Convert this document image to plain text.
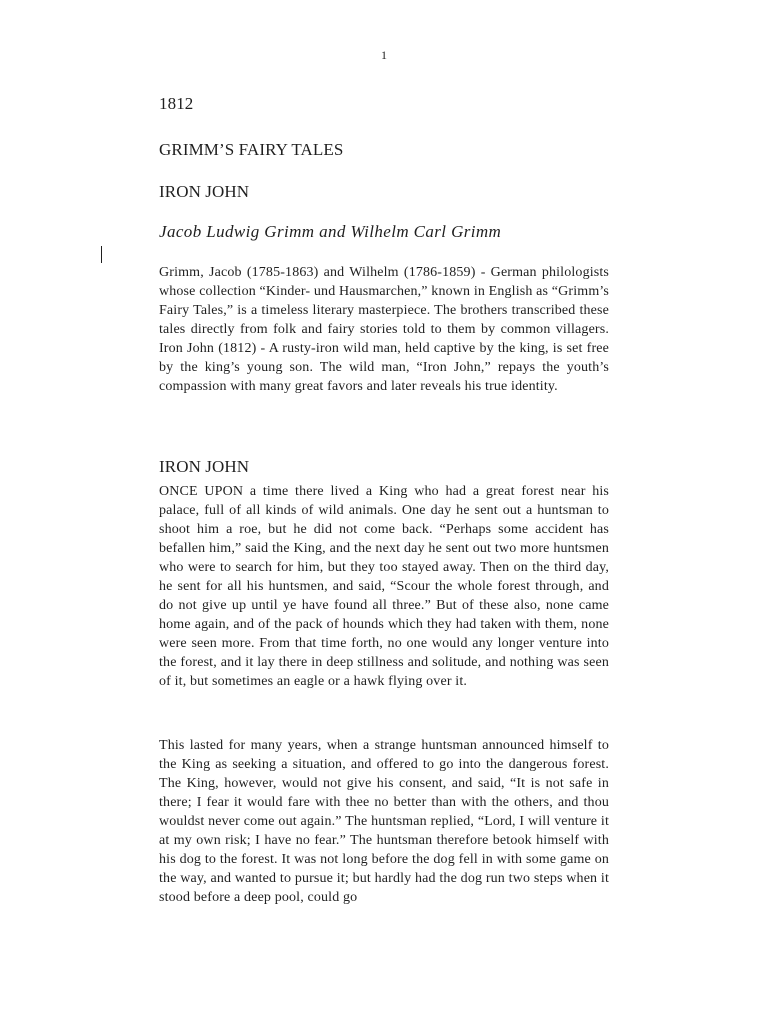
1
1812
GRIMM’S FAIRY TALES
IRON JOHN
Jacob Ludwig Grimm and Wilhelm Carl Grimm

Grimm, Jacob (1785-1863) and Wilhelm (1786-1859) - German philologists whose collection “Kinder- und Hausmarchen,” known in English as “Grimm’s Fairy Tales,” is a timeless literary masterpiece. The brothers transcribed these tales directly from folk and fairy stories told to them by common villagers. Iron John (1812) - A rusty-iron wild man, held captive by the king, is set free by the king’s young son. The wild man, “Iron John,” repays the youth’s compassion with many great favors and later reveals his true identity.

IRON JOHN

ONCE UPON a time there lived a King who had a great forest near his palace, full of all kinds of wild animals. One day he sent out a huntsman to shoot him a roe, but he did not come back. “Perhaps some accident has befallen him,” said the King, and the next day he sent out two more huntsmen who were to search for him, but they too stayed away. Then on the third day, he sent for all his huntsmen, and said, “Scour the whole forest through, and do not give up until ye have found all three.” But of these also, none came home again, and of the pack of hounds which they had taken with them, none were seen more. From that time forth, no one would any longer venture into the forest, and it lay there in deep stillness and solitude, and nothing was seen of it, but sometimes an eagle or a hawk flying over it.

This lasted for many years, when a strange huntsman announced himself to the King as seeking a situation, and offered to go into the dangerous forest. The King, however, would not give his consent, and said, “It is not safe in there; I fear it would fare with thee no better than with the others, and thou wouldst never come out again.” The huntsman replied, “Lord, I will venture it at my own risk; I have no fear.” The huntsman therefore betook himself with his dog to the forest. It was not long before the dog fell in with some game on the way, and wanted to pursue it; but hardly had the dog run two steps when it stood before a deep pool, could go
